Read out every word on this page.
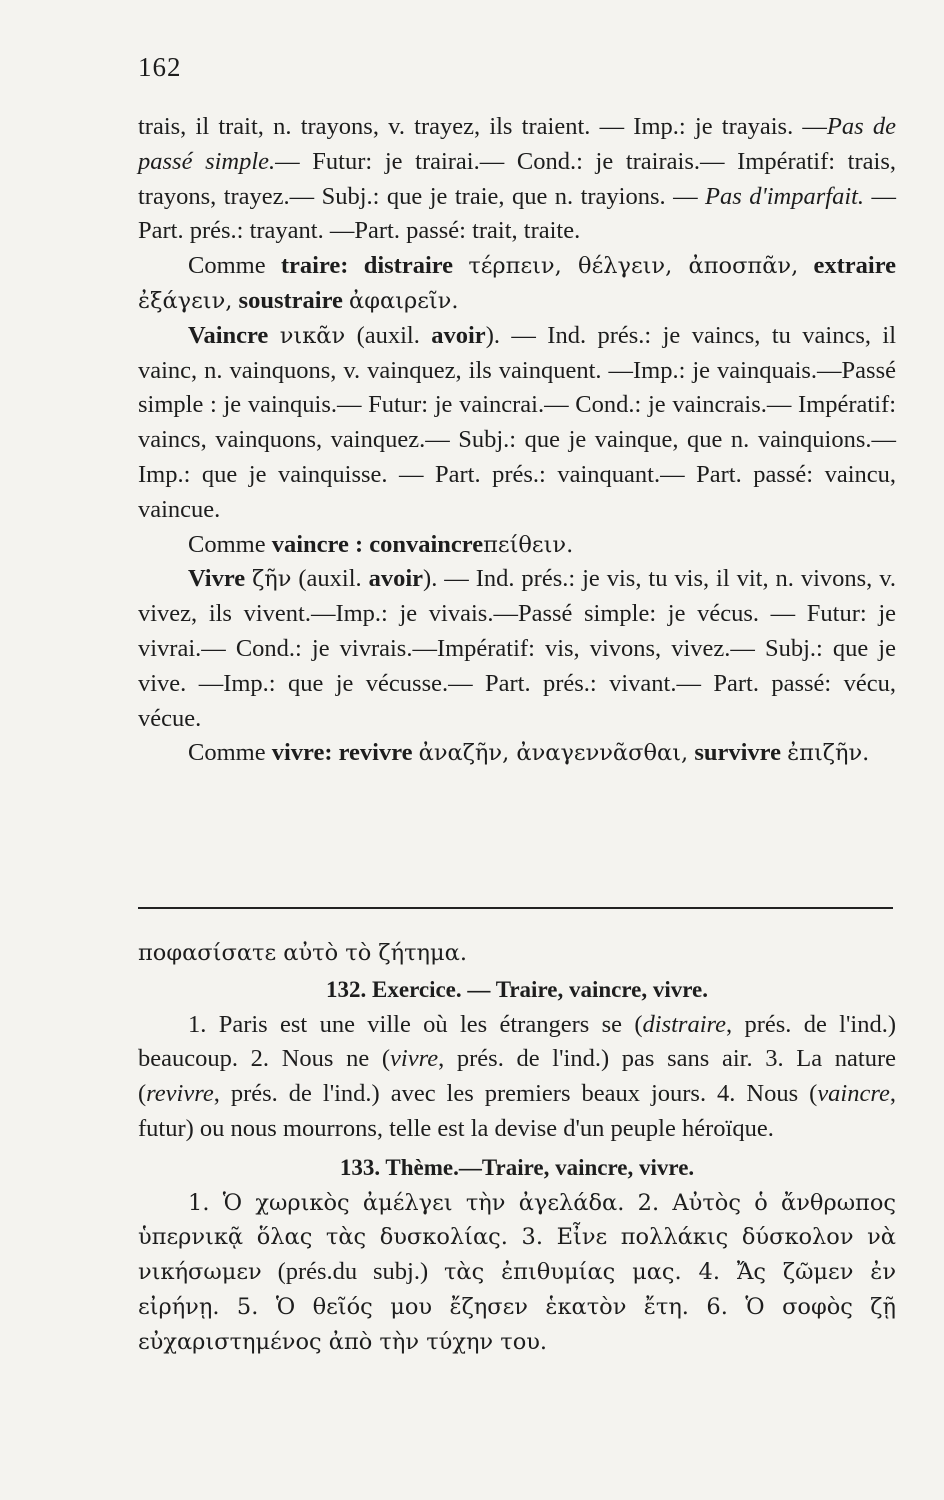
162

trais, il trait, n. trayons, v. trayez, ils traient. — Imp.: je trayais. —Pas de passé simple.— Futur: je trairai.— Cond.: je trairais.— Impératif: trais, trayons, trayez.— Subj.: que je traie, que n. trayions. — Pas d'imparfait. — Part. prés.: trayant. —Part. passé: trait, traite.

Comme traire: distraire τέρπειν, θέλγειν, ἀποσπᾶν, extraire ἐξάγειν, soustraire ἀφαιρεῖν.

Vaincre νικᾶν (auxil. avoir). — Ind. prés.: je vaincs, tu vaincs, il vainc, n. vainquons, v. vainquez, ils vainquent. —Imp.: je vainquais.—Passé simple : je vainquis.— Futur: je vaincrai.— Cond.: je vaincrais.— Impératif: vaincs, vainquons, vainquez.— Subj.: que je vainque, que n. vainquions.— Imp.: que je vainquisse. — Part. prés.: vainquant.— Part. passé: vaincu, vaincue.

Comme vaincre : convaincreπείθειν.

Vivre ζῆν (auxil. avoir). — Ind. prés.: je vis, tu vis, il vit, n. vivons, v. vivez, ils vivent.—Imp.: je vivais.—Passé simple: je vécus. — Futur: je vivrai.— Cond.: je vivrais.—Impératif: vis, vivons, vivez.— Subj.: que je vive. —Imp.: que je vécusse.— Part. prés.: vivant.— Part. passé: vécu, vécue.

Comme vivre: revivre ἀναζῆν, ἀναγεννᾶσθαι, survivre ἐπιζῆν.

ποφασίσατε αὐτὸ τὸ ζήτημα.

132. Exercice. — Traire, vaincre, vivre.

1. Paris est une ville où les étrangers se (distraire, prés. de l'ind.) beaucoup. 2. Nous ne (vivre, prés. de l'ind.) pas sans air. 3. La nature (revivre, prés. de l'ind.) avec les premiers beaux jours. 4. Nous (vaincre, futur) ou nous mourrons, telle est la devise d'un peuple héroïque.

133. Thème.—Traire, vaincre, vivre.

1. Ὁ χωρικὸς ἀμέλγει τὴν ἀγελάδα. 2. Αὐτὸς ὁ ἄνθρωπος ὑπερνικᾷ ὅλας τὰς δυσκολίας. 3. Εἶνε πολλάκις δύσκολον νὰ νικήσωμεν (prés.du subj.) τὰς ἐπιθυμίας μας. 4. Ἄς ζῶμεν ἐν εἰρήνῃ. 5. Ὁ θεῖός μου ἔζησεν ἑκατὸν ἔτη. 6. Ὁ σοφὸς ζῇ εὐχαριστημένος ἀπὸ τὴν τύχην του.
